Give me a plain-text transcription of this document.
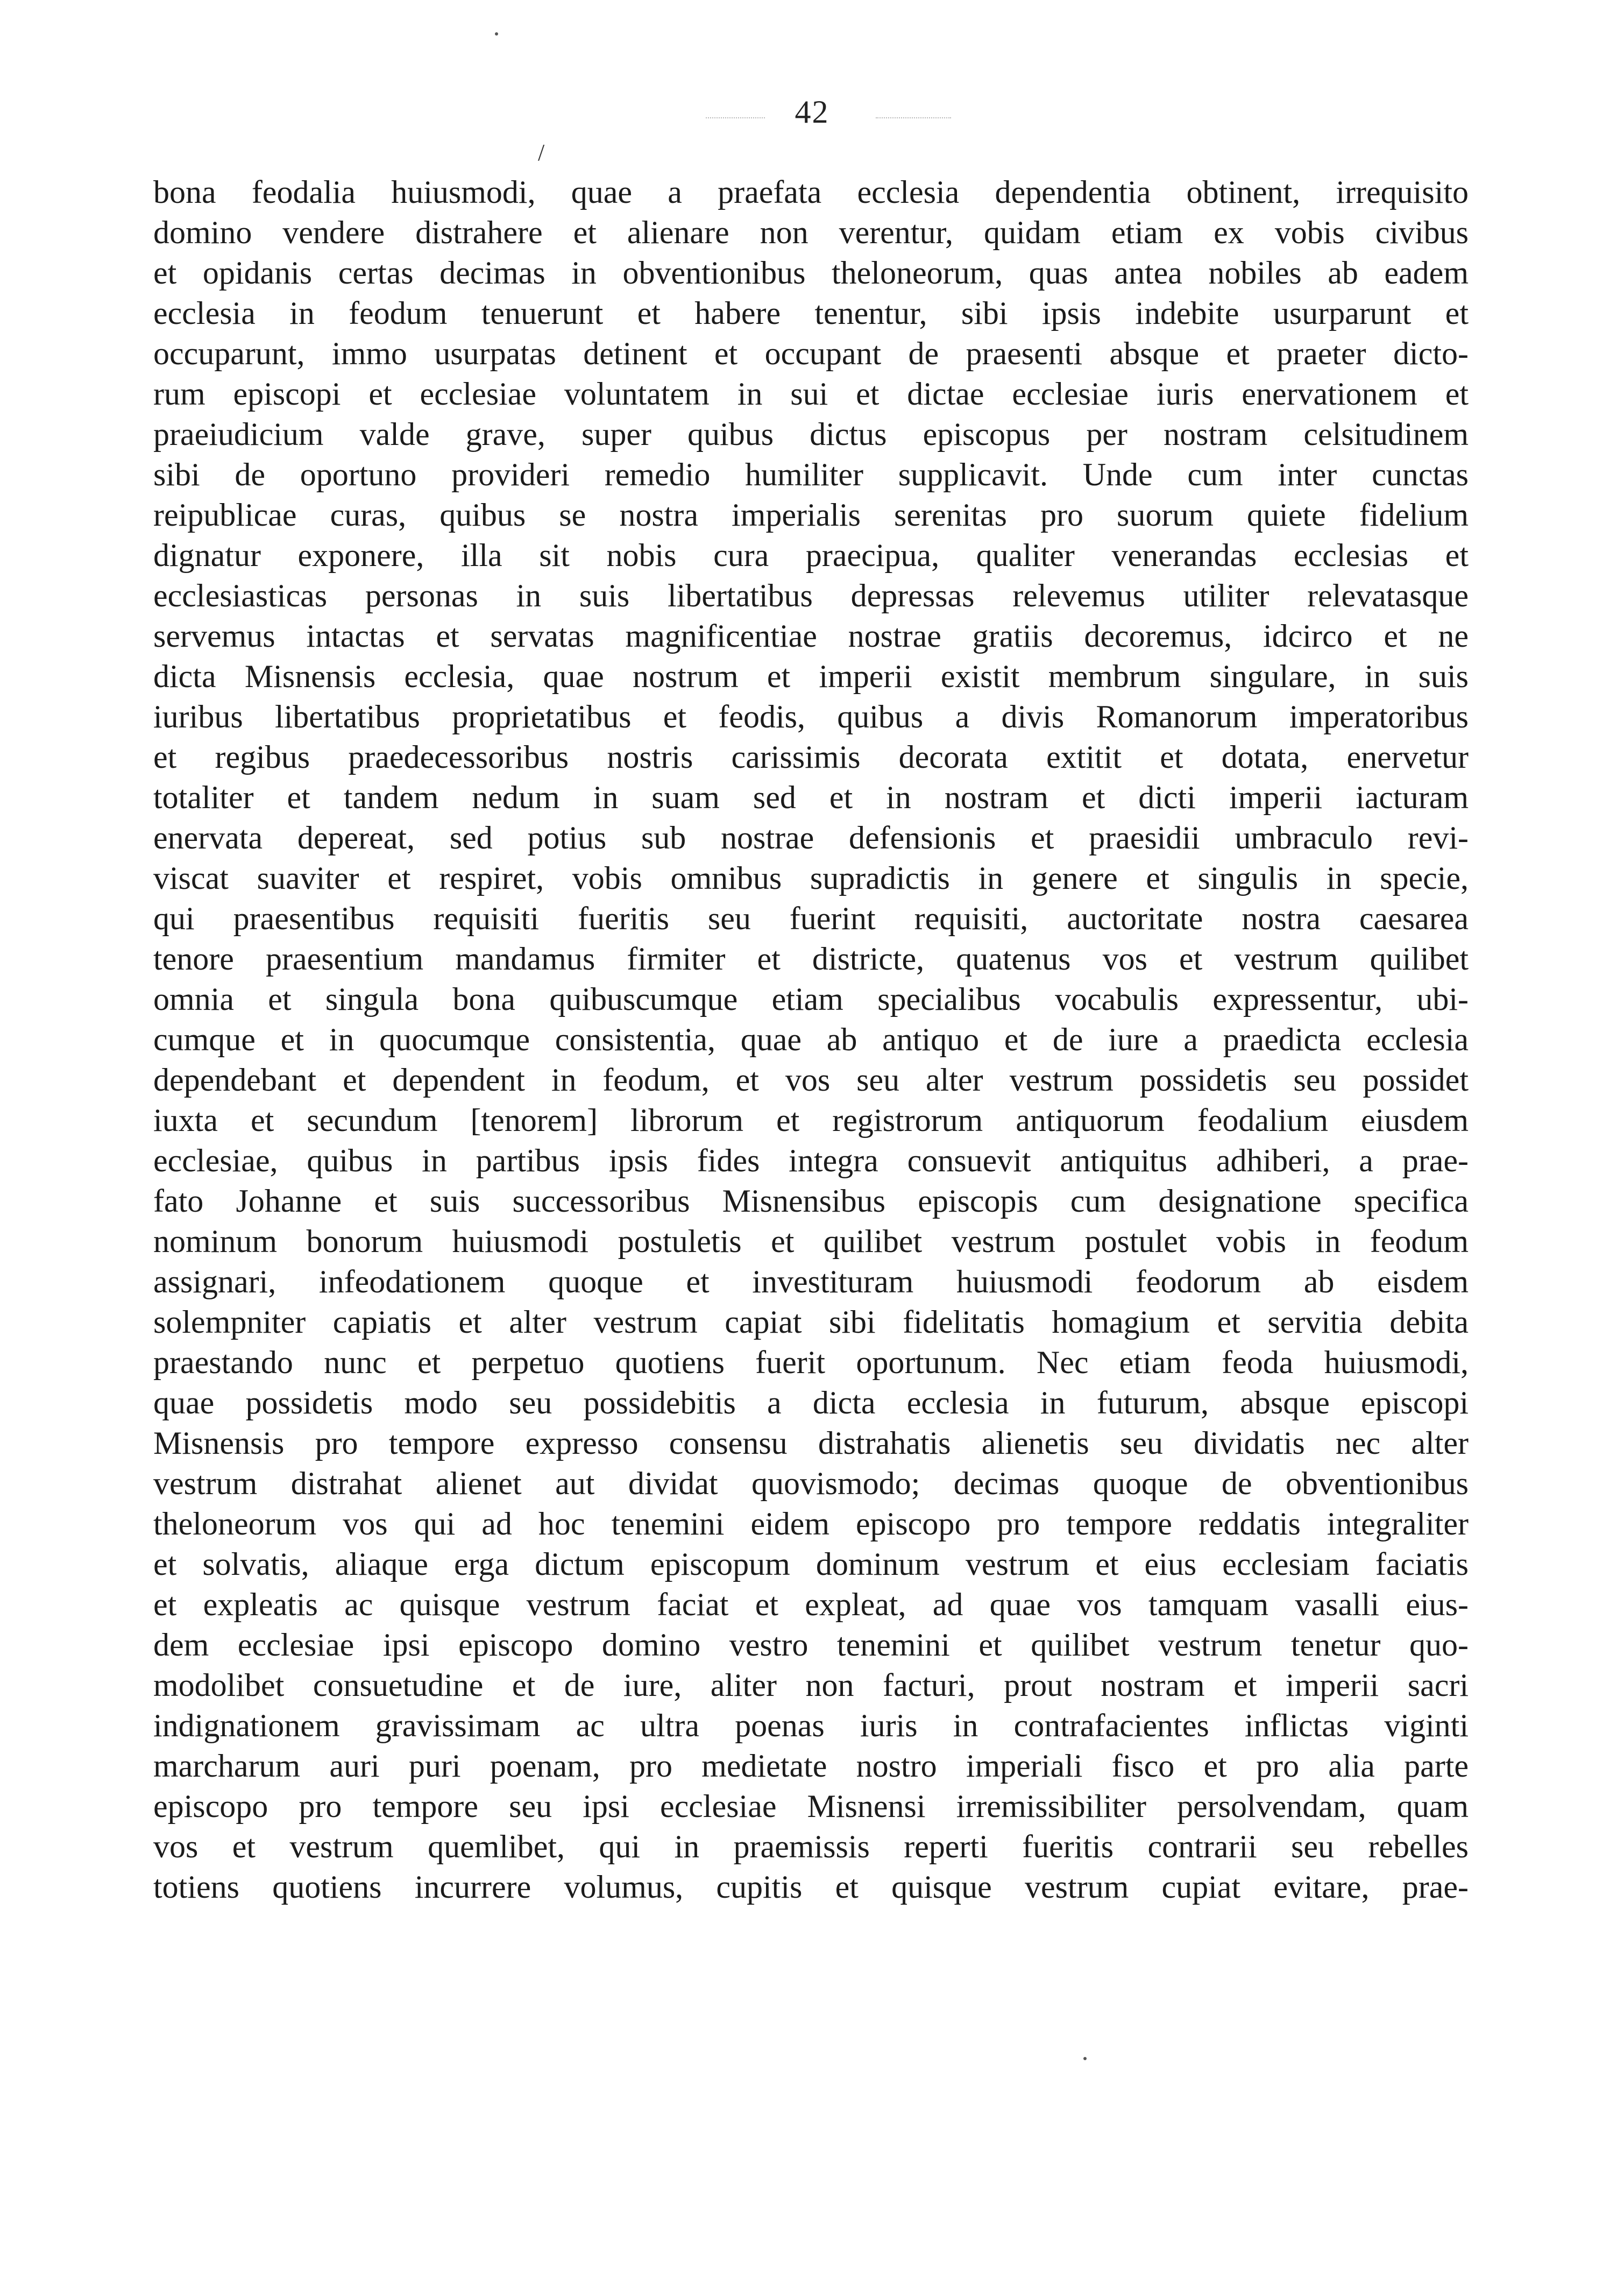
42
/
bona feodalia huiusmodi, quae a praefata ecclesia dependentia obtinent, irrequisito
domino vendere distrahere et alienare non verentur, quidam etiam ex vobis civibus
et opidanis certas decimas in obventionibus theloneorum, quas antea nobiles ab eadem
ecclesia in feodum tenuerunt et habere tenentur, sibi ipsis indebite usurparunt et
occuparunt, immo usurpatas detinent et occupant de praesenti absque et praeter dicto-
rum episcopi et ecclesiae voluntatem in sui et dictae ecclesiae iuris enervationem et
praeiudicium valde grave, super quibus dictus episcopus per nostram celsitudinem
sibi de oportuno provideri remedio humiliter supplicavit. Unde cum inter cunctas
reipublicae curas, quibus se nostra imperialis serenitas pro suorum quiete fidelium
dignatur exponere, illa sit nobis cura praecipua, qualiter venerandas ecclesias et
ecclesiasticas personas in suis libertatibus depressas relevemus utiliter relevatasque
servemus intactas et servatas magnificentiae nostrae gratiis decoremus, idcirco et ne
dicta Misnensis ecclesia, quae nostrum et imperii existit membrum singulare, in suis
iuribus libertatibus proprietatibus et feodis, quibus a divis Romanorum imperatoribus
et regibus praedecessoribus nostris carissimis decorata extitit et dotata, enervetur
totaliter et tandem nedum in suam sed et in nostram et dicti imperii iacturam
enervata depereat, sed potius sub nostrae defensionis et praesidii umbraculo revi-
viscat suaviter et respiret, vobis omnibus supradictis in genere et singulis in specie,
qui praesentibus requisiti fueritis seu fuerint requisiti, auctoritate nostra caesarea
tenore praesentium mandamus firmiter et districte, quatenus vos et vestrum quilibet
omnia et singula bona quibuscumque etiam specialibus vocabulis expressentur, ubi-
cumque et in quocumque consistentia, quae ab antiquo et de iure a praedicta ecclesia
dependebant et dependent in feodum, et vos seu alter vestrum possidetis seu possidet
iuxta et secundum [tenorem] librorum et registrorum antiquorum feodalium eiusdem
ecclesiae, quibus in partibus ipsis fides integra consuevit antiquitus adhiberi, a prae-
fato Johanne et suis successoribus Misnensibus episcopis cum designatione specifica
nominum bonorum huiusmodi postuletis et quilibet vestrum postulet vobis in feodum
assignari, infeodationem quoque et investituram huiusmodi feodorum ab eisdem
solempniter capiatis et alter vestrum capiat sibi fidelitatis homagium et servitia debita
praestando nunc et perpetuo quotiens fuerit oportunum. Nec etiam feoda huiusmodi,
quae possidetis modo seu possidebitis a dicta ecclesia in futurum, absque episcopi
Misnensis pro tempore expresso consensu distrahatis alienetis seu dividatis nec alter
vestrum distrahat alienet aut dividat quovismodo; decimas quoque de obventionibus
theloneorum vos qui ad hoc tenemini eidem episcopo pro tempore reddatis integraliter
et solvatis, aliaque erga dictum episcopum dominum vestrum et eius ecclesiam faciatis
et expleatis ac quisque vestrum faciat et expleat, ad quae vos tamquam vasalli eius-
dem ecclesiae ipsi episcopo domino vestro tenemini et quilibet vestrum tenetur quo-
modolibet consuetudine et de iure, aliter non facturi, prout nostram et imperii sacri
indignationem gravissimam ac ultra poenas iuris in contrafacientes inflictas viginti
marcharum auri puri poenam, pro medietate nostro imperiali fisco et pro alia parte
episcopo pro tempore seu ipsi ecclesiae Misnensi irremissibiliter persolvendam, quam
vos et vestrum quemlibet, qui in praemissis reperti fueritis contrarii seu rebelles
totiens quotiens incurrere volumus, cupitis et quisque vestrum cupiat evitare, prae-
